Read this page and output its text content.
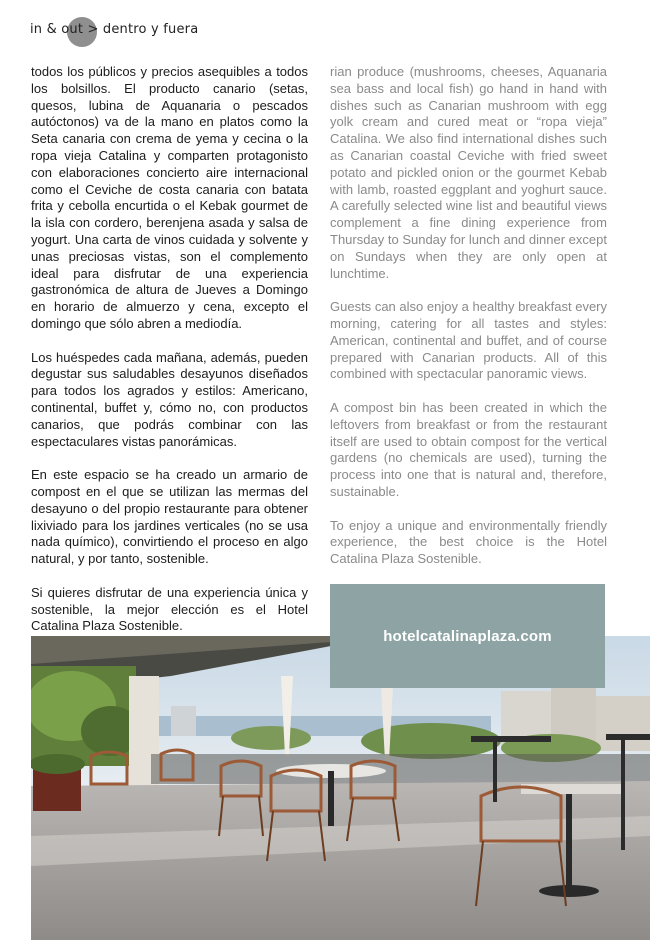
in & out > dentro y fuera

todos los públicos y precios asequibles a todos los bolsillos. El producto canario (setas, quesos, lubina de Aquanaria o pescados autóctonos) va de la mano en platos como la Seta canaria con crema de yema y cecina o la ropa vieja Catalina y comparten protagonisto con elaboraciones concierto aire internacional como el Ceviche de costa canaria con batata frita y cebolla encurtida o el Kebak gourmet de la isla con cordero, berenjena asada y salsa de yogurt. Una carta de vinos cuidada y solvente y unas preciosas vistas, son el complemento ideal para disfrutar de una experiencia gastronómica de altura de Jueves a Domingo en horario de almuerzo y cena, excepto el domingo que sólo abren a mediodía.

Los huéspedes cada mañana, además, pueden degustar sus saludables desayunos diseñados para todos los agrados y estilos: Americano, continental, buffet y, cómo no, con productos canarios, que podrás combinar con las espectaculares vistas panorámicas.

En este espacio se ha creado un armario de compost en el que se utilizan las mermas del desayuno o del propio restaurante para obtener lixiviado para los jardines verticales (no se usa nada químico), convirtiendo el proceso en algo natural, y por tanto, sostenible.

Si quieres disfrutar de una experiencia única y sostenible, la mejor elección es el Hotel Catalina Plaza Sostenible.

rian produce (mushrooms, cheeses, Aquanaria sea bass and local fish) go hand in hand with dishes such as Canarian mushroom with egg yolk cream and cured meat or “ropa vieja” Catalina. We also find international dishes such as Canarian coastal Ceviche with fried sweet potato and pickled onion or the gourmet Kebab with lamb, roasted eggplant and yoghurt sauce. A carefully selected wine list and beautiful views complement a fine dining experience from Thursday to Sunday for lunch and dinner except on Sundays when they are only open at lunchtime.

Guests can also enjoy a healthy breakfast every morning, catering for all tastes and styles: American, continental and buffet, and of course prepared with Canarian products. All of this combined with spectacular panoramic views.

A compost bin has been created in which the leftovers from breakfast or from the restaurant itself are used to obtain compost for the vertical gardens (no chemicals are used), turning the process into one that is natural and, therefore, sustainable.

To enjoy a unique and environmentally friendly experience, the best choice is the Hotel Catalina Plaza Sostenible.

hotelcatalinaplaza.com
